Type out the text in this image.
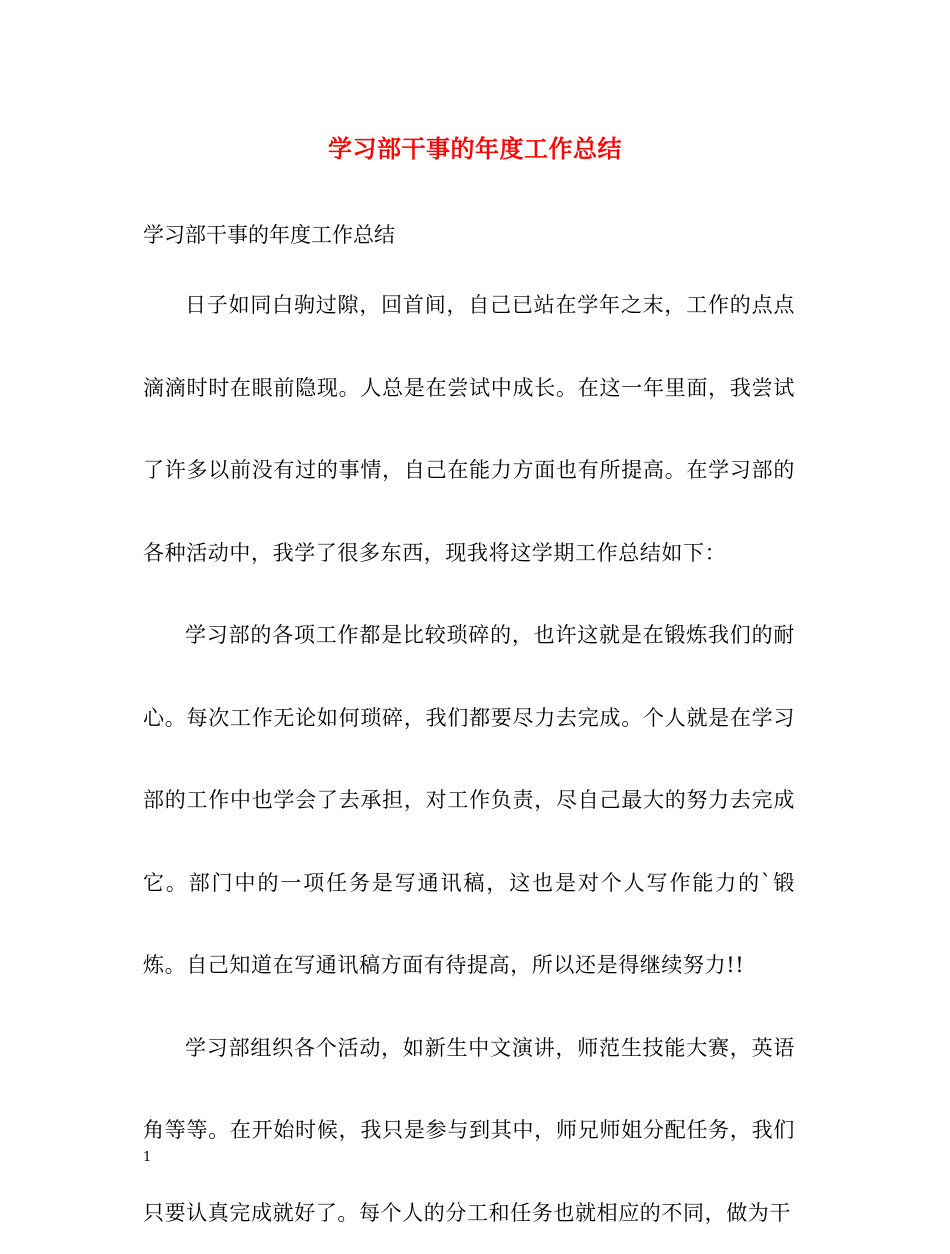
学习部干事的年度工作总结
学习部干事的年度工作总结

日子如同白驹过隙，回首间，自己已站在学年之末，工作的点点滴滴时时在眼前隐现。人总是在尝试中成长。在这一年里面，我尝试了许多以前没有过的事情，自己在能力方面也有所提高。在学习部的各种活动中，我学了很多东西，现我将这学期工作总结如下：

学习部的各项工作都是比较琐碎的，也许这就是在锻炼我们的耐心。每次工作无论如何琐碎，我们都要尽力去完成。个人就是在学习部的工作中也学会了去承担，对工作负责，尽自己最大的努力去完成它。部门中的一项任务是写通讯稿，这也是对个人写作能力的`锻炼。自己知道在写通讯稿方面有待提高，所以还是得继续努力!!

学习部组织各个活动，如新生中文演讲，师范生技能大赛，英语角等等。在开始时候，我只是参与到其中，师兄师姐分配任务，我们只要认真完成就好了。每个人的分工和任务也就相应的不同，做为干

1
